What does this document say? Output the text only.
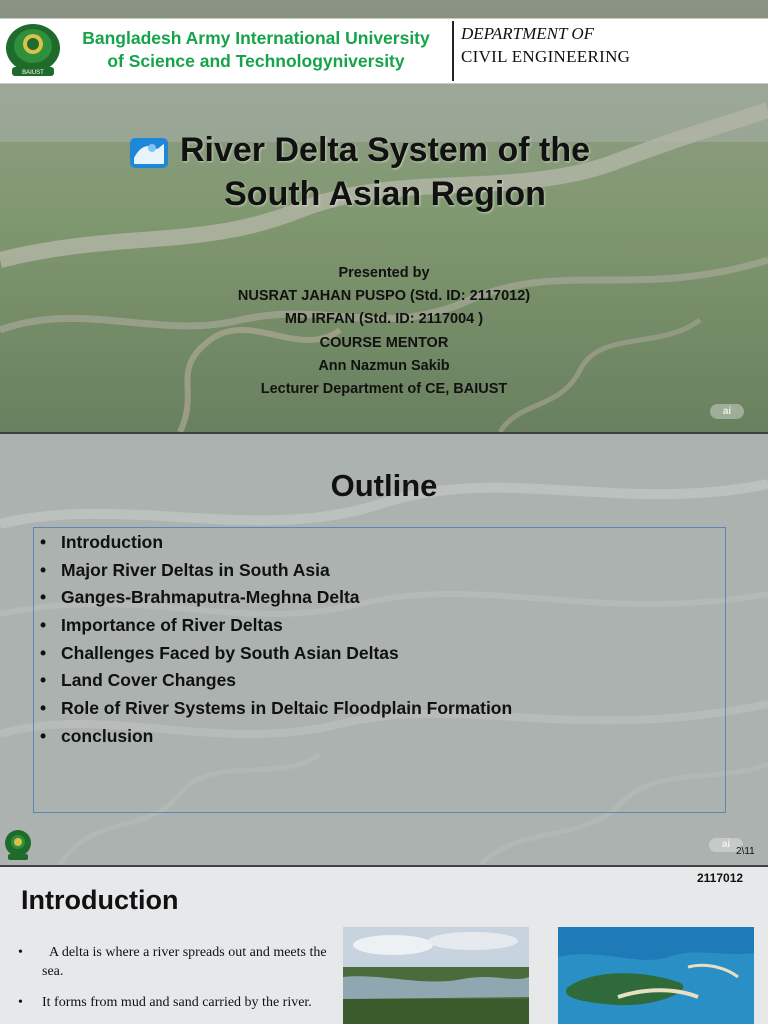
BAIUST
Bangladesh Army International University
of Science and Technologyniversity
DEPARTMENT OF
CIVIL ENGINEERING
River Delta System of the
South Asian Region
Presented by
NUSRAT JAHAN PUSPO (Std. ID: 2117012)
MD IRFAN (Std. ID: 2117004 )
COURSE MENTOR
Ann Nazmun Sakib
Lecturer Department of CE, BAIUST
ai
Outline
• Introduction
• Major River Deltas in South Asia
• Ganges-Brahmaputra-Meghna Delta
• Importance of River Deltas
• Challenges Faced by South Asian Deltas
• Land Cover Changes
• Role of River Systems in Deltaic Floodplain Formation
• conclusion
ai
2\11
2117012
Introduction
• A delta is where a river spreads out and meets the sea.
• It forms from mud and sand carried by the river.
